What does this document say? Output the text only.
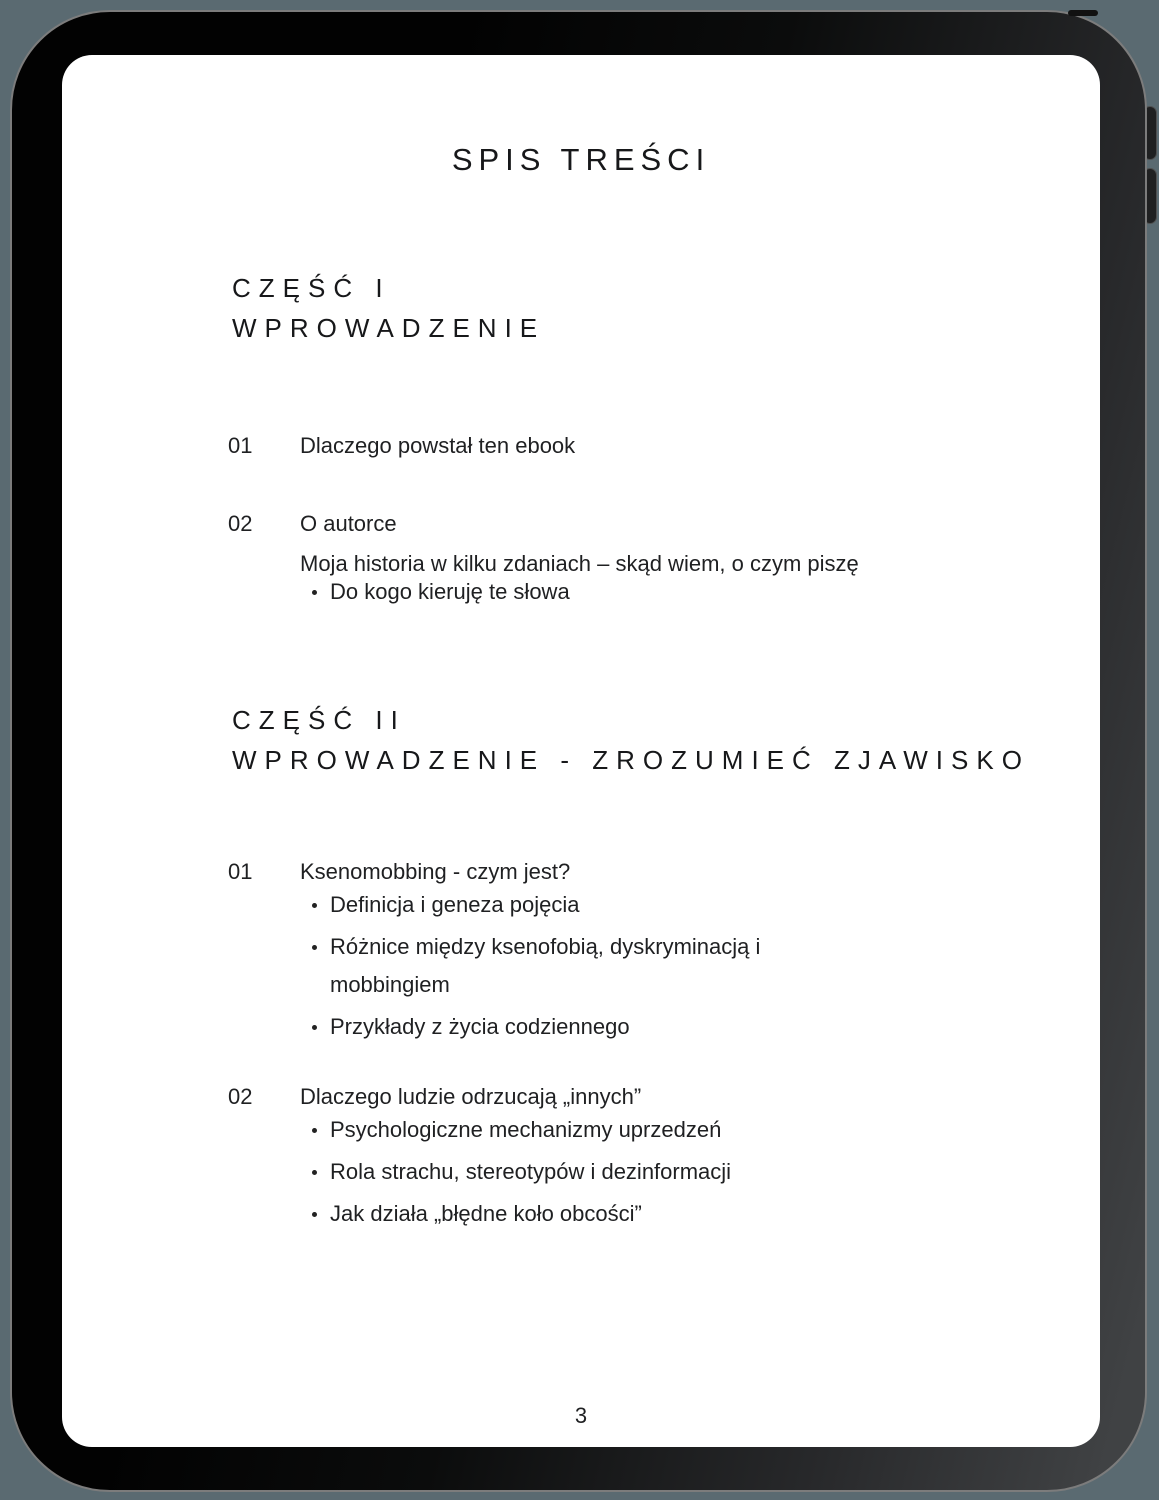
SPIS TREŚCI
CZĘŚĆ I
WPROWADZENIE
01	Dlaczego powstał ten ebook
02	O autorce
Moja historia w kilku zdaniach – skąd wiem, o czym piszę
Do kogo kieruję te słowa
CZĘŚĆ II
WPROWADZENIE - ZROZUMIEĆ ZJAWISKO
01	Ksenomobbing - czym jest?
Definicja i geneza pojęcia
Różnice między ksenofobią, dyskryminacją i mobbingiem
Przykłady z życia codziennego
02	Dlaczego ludzie odrzucają „innych”
Psychologiczne mechanizmy uprzedzeń
Rola strachu, stereotypów i dezinformacji
Jak działa „błędne koło obcości”
3
